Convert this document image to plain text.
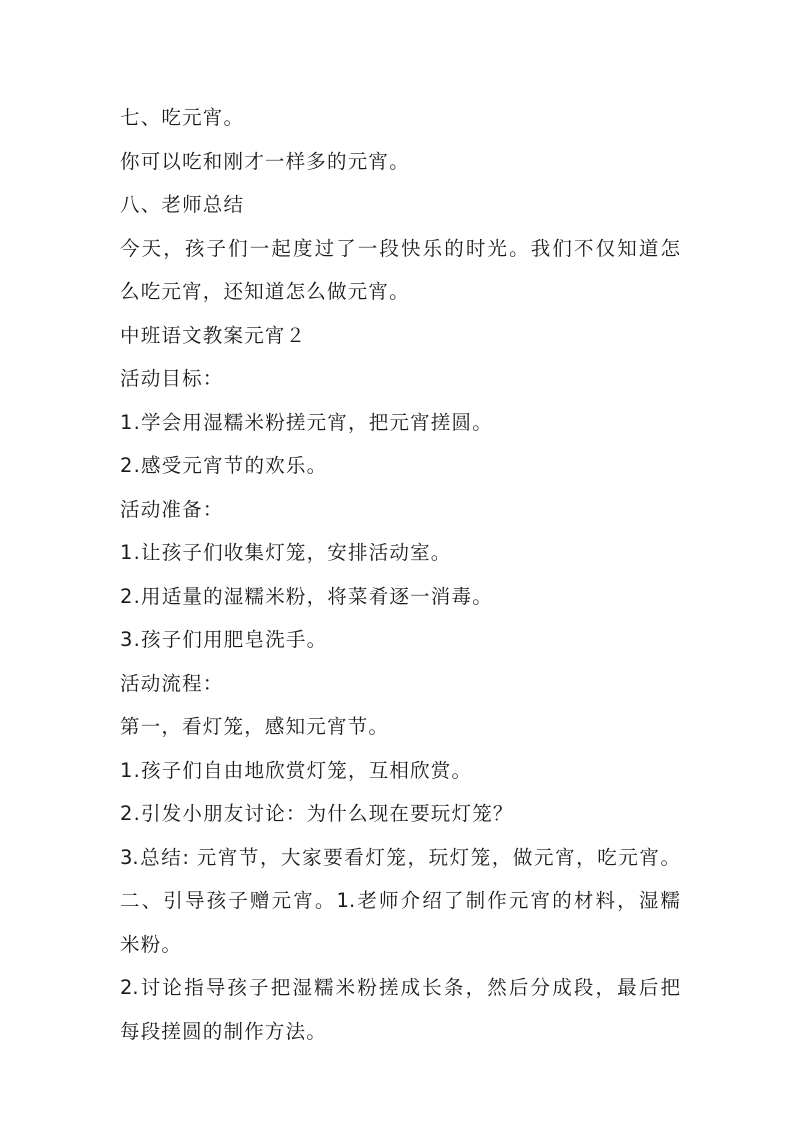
七、吃元宵。
你可以吃和刚才一样多的元宵。
八、老师总结
今天，孩子们一起度过了一段快乐的时光。我们不仅知道怎
么吃元宵，还知道怎么做元宵。
中班语文教案元宵２
活动目标：
1.学会用湿糯米粉搓元宵，把元宵搓圆。
2.感受元宵节的欢乐。
活动准备：
1.让孩子们收集灯笼，安排活动室。
2.用适量的湿糯米粉，将菜肴逐一消毒。
3.孩子们用肥皂洗手。
活动流程：
第一，看灯笼，感知元宵节。
1.孩子们自由地欣赏灯笼，互相欣赏。
2.引发小朋友讨论：为什么现在要玩灯笼？
3.总结: 元宵节，大家要看灯笼，玩灯笼，做元宵，吃元宵。
二、引导孩子赠元宵。1.老师介绍了制作元宵的材料，湿糯
米粉。
2.讨论指导孩子把湿糯米粉搓成长条，然后分成段，最后把
每段搓圆的制作方法。
